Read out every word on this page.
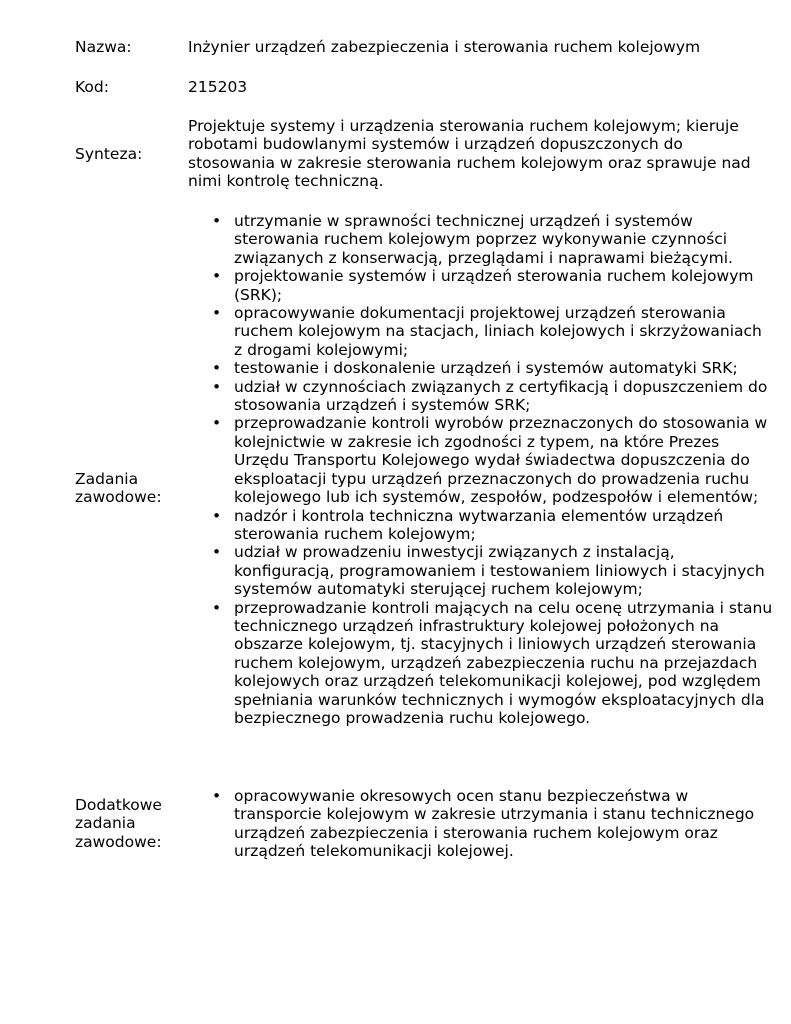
Nazwa:	Inżynier urządzeń zabezpieczenia i sterowania ruchem kolejowym
Kod:	215203
Synteza:
Projektuje systemy i urządzenia sterowania ruchem kolejowym; kieruje robotami budowlanymi systemów i urządzeń dopuszczonych do stosowania w zakresie sterowania ruchem kolejowym oraz sprawuje nad nimi kontrolę techniczną.
Zadania zawodowe:
• utrzymanie w sprawności technicznej urządzeń i systemów sterowania ruchem kolejowym poprzez wykonywanie czynności związanych z konserwacją, przeglądami i naprawami bieżącymi.
• projektowanie systemów i urządzeń sterowania ruchem kolejowym (SRK);
• opracowywanie dokumentacji projektowej urządzeń sterowania ruchem kolejowym na stacjach, liniach kolejowych i skrzyżowaniach z drogami kolejowymi;
• testowanie i doskonalenie urządzeń i systemów automatyki SRK;
• udział w czynnościach związanych z certyfikacją i dopuszczeniem do stosowania urządzeń i systemów SRK;
• przeprowadzanie kontroli wyrobów przeznaczonych do stosowania w kolejnictwie w zakresie ich zgodności z typem, na które Prezes Urzędu Transportu Kolejowego wydał świadectwa dopuszczenia do eksploatacji typu urządzeń przeznaczonych do prowadzenia ruchu kolejowego lub ich systemów, zespołów, podzespołów i elementów;
• nadzór i kontrola techniczna wytwarzania elementów urządzeń sterowania ruchem kolejowym;
• udział w prowadzeniu inwestycji związanych z instalacją, konfiguracją, programowaniem i testowaniem liniowych i stacyjnych systemów automatyki sterującej ruchem kolejowym;
• przeprowadzanie kontroli mających na celu ocenę utrzymania i stanu technicznego urządzeń infrastruktury kolejowej położonych na obszarze kolejowym, tj. stacyjnych i liniowych urządzeń sterowania ruchem kolejowym, urządzeń zabezpieczenia ruchu na przejazdach kolejowych oraz urządzeń telekomunikacji kolejowej, pod względem spełniania warunków technicznych i wymogów eksploatacyjnych dla bezpiecznego prowadzenia ruchu kolejowego.
Dodatkowe zadania zawodowe:
• opracowywanie okresowych ocen stanu bezpieczeństwa w transporcie kolejowym w zakresie utrzymania i stanu technicznego urządzeń zabezpieczenia i sterowania ruchem kolejowym oraz urządzeń telekomunikacji kolejowej.
